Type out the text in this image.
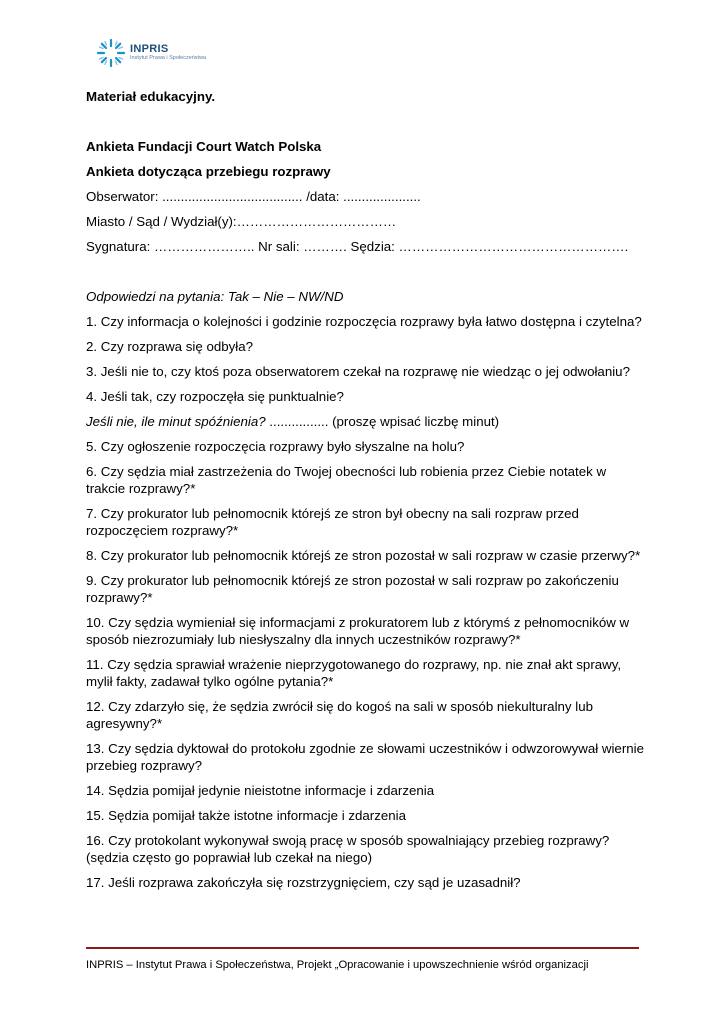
INPRIS
Instytut Prawa i Społeczeństwa

Materiał edukacyjny.

Ankieta Fundacji Court Watch Polska

Ankieta dotycząca przebiegu rozprawy

Obserwator: ...................................... /data: .....................

Miasto / Sąd / Wydział(y):………………………………

Sygnatura: ………………….. Nr sali: ………. Sędzia: …………………………………………….

Odpowiedzi na pytania: Tak – Nie – NW/ND

1. Czy informacja o kolejności i godzinie rozpoczęcia rozprawy była łatwo dostępna i czytelna?

2. Czy rozprawa się odbyła?

3. Jeśli nie to, czy ktoś poza obserwatorem czekał na rozprawę nie wiedząc o jej odwołaniu?

4. Jeśli tak, czy rozpoczęła się punktualnie?

Jeśli nie, ile minut spóźnienia? ................ (proszę wpisać liczbę minut)

5. Czy ogłoszenie rozpoczęcia rozprawy było słyszalne na holu?

6. Czy sędzia miał zastrzeżenia do Twojej obecności lub robienia przez Ciebie notatek w trakcie rozprawy?*

7. Czy prokurator lub pełnomocnik którejś ze stron był obecny na sali rozpraw przed rozpoczęciem rozprawy?*

8. Czy prokurator lub pełnomocnik którejś ze stron pozostał w sali rozpraw w czasie przerwy?*

9. Czy prokurator lub pełnomocnik którejś ze stron pozostał w sali rozpraw po zakończeniu rozprawy?*

10. Czy sędzia wymieniał się informacjami z prokuratorem lub z którymś z pełnomocników w sposób niezrozumiały lub niesłyszalny dla innych uczestników rozprawy?*

11. Czy sędzia sprawiał wrażenie nieprzygotowanego do rozprawy, np. nie znał akt sprawy, mylił fakty, zadawał tylko ogólne pytania?*

12. Czy zdarzyło się, że sędzia zwrócił się do kogoś na sali w sposób niekulturalny lub agresywny?*

13. Czy sędzia dyktował do protokołu zgodnie ze słowami uczestników i odwzorowywał wiernie przebieg rozprawy?

14. Sędzia pomijał jedynie nieistotne informacje i zdarzenia

15. Sędzia pomijał także istotne informacje i zdarzenia

16. Czy protokolant wykonywał swoją pracę w sposób spowalniający przebieg rozprawy? (sędzia często go poprawiał lub czekał na niego)

17. Jeśli rozprawa zakończyła się rozstrzygnięciem, czy sąd je uzasadnił?

INPRIS – Instytut Prawa i Społeczeństwa, Projekt „Opracowanie i upowszechnienie wśród organizacji
